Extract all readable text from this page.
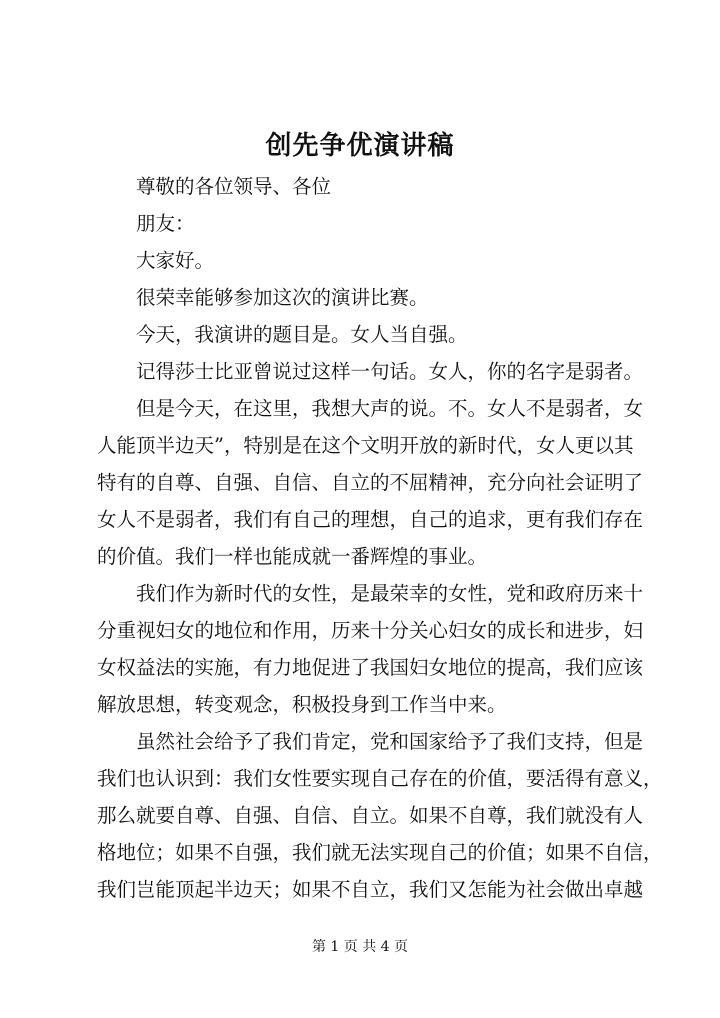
创先争优演讲稿

尊敬的各位领导、各位

朋友：

大家好。

很荣幸能够参加这次的演讲比赛。

今天，我演讲的题目是。女人当自强。

记得莎士比亚曾说过这样一句话。女人，你的名字是弱者。

但是今天，在这里，我想大声的说。不。女人不是弱者，女
人能顶半边天”，特别是在这个文明开放的新时代，女人更以其
特有的自尊、自强、自信、自立的不屈精神，充分向社会证明了
女人不是弱者，我们有自己的理想，自己的追求，更有我们存在
的价值。我们一样也能成就一番辉煌的事业。

我们作为新时代的女性，是最荣幸的女性，党和政府历来十
分重视妇女的地位和作用，历来十分关心妇女的成长和进步，妇
女权益法的实施，有力地促进了我国妇女地位的提高，我们应该
解放思想，转变观念，积极投身到工作当中来。

虽然社会给予了我们肯定，党和国家给予了我们支持，但是
我们也认识到：我们女性要实现自己存在的价值，要活得有意义，
那么就要自尊、自强、自信、自立。如果不自尊，我们就没有人
格地位；如果不自强，我们就无法实现自己的价值；如果不自信，
我们岂能顶起半边天；如果不自立，我们又怎能为社会做出卓越

第 1 页 共 4 页
